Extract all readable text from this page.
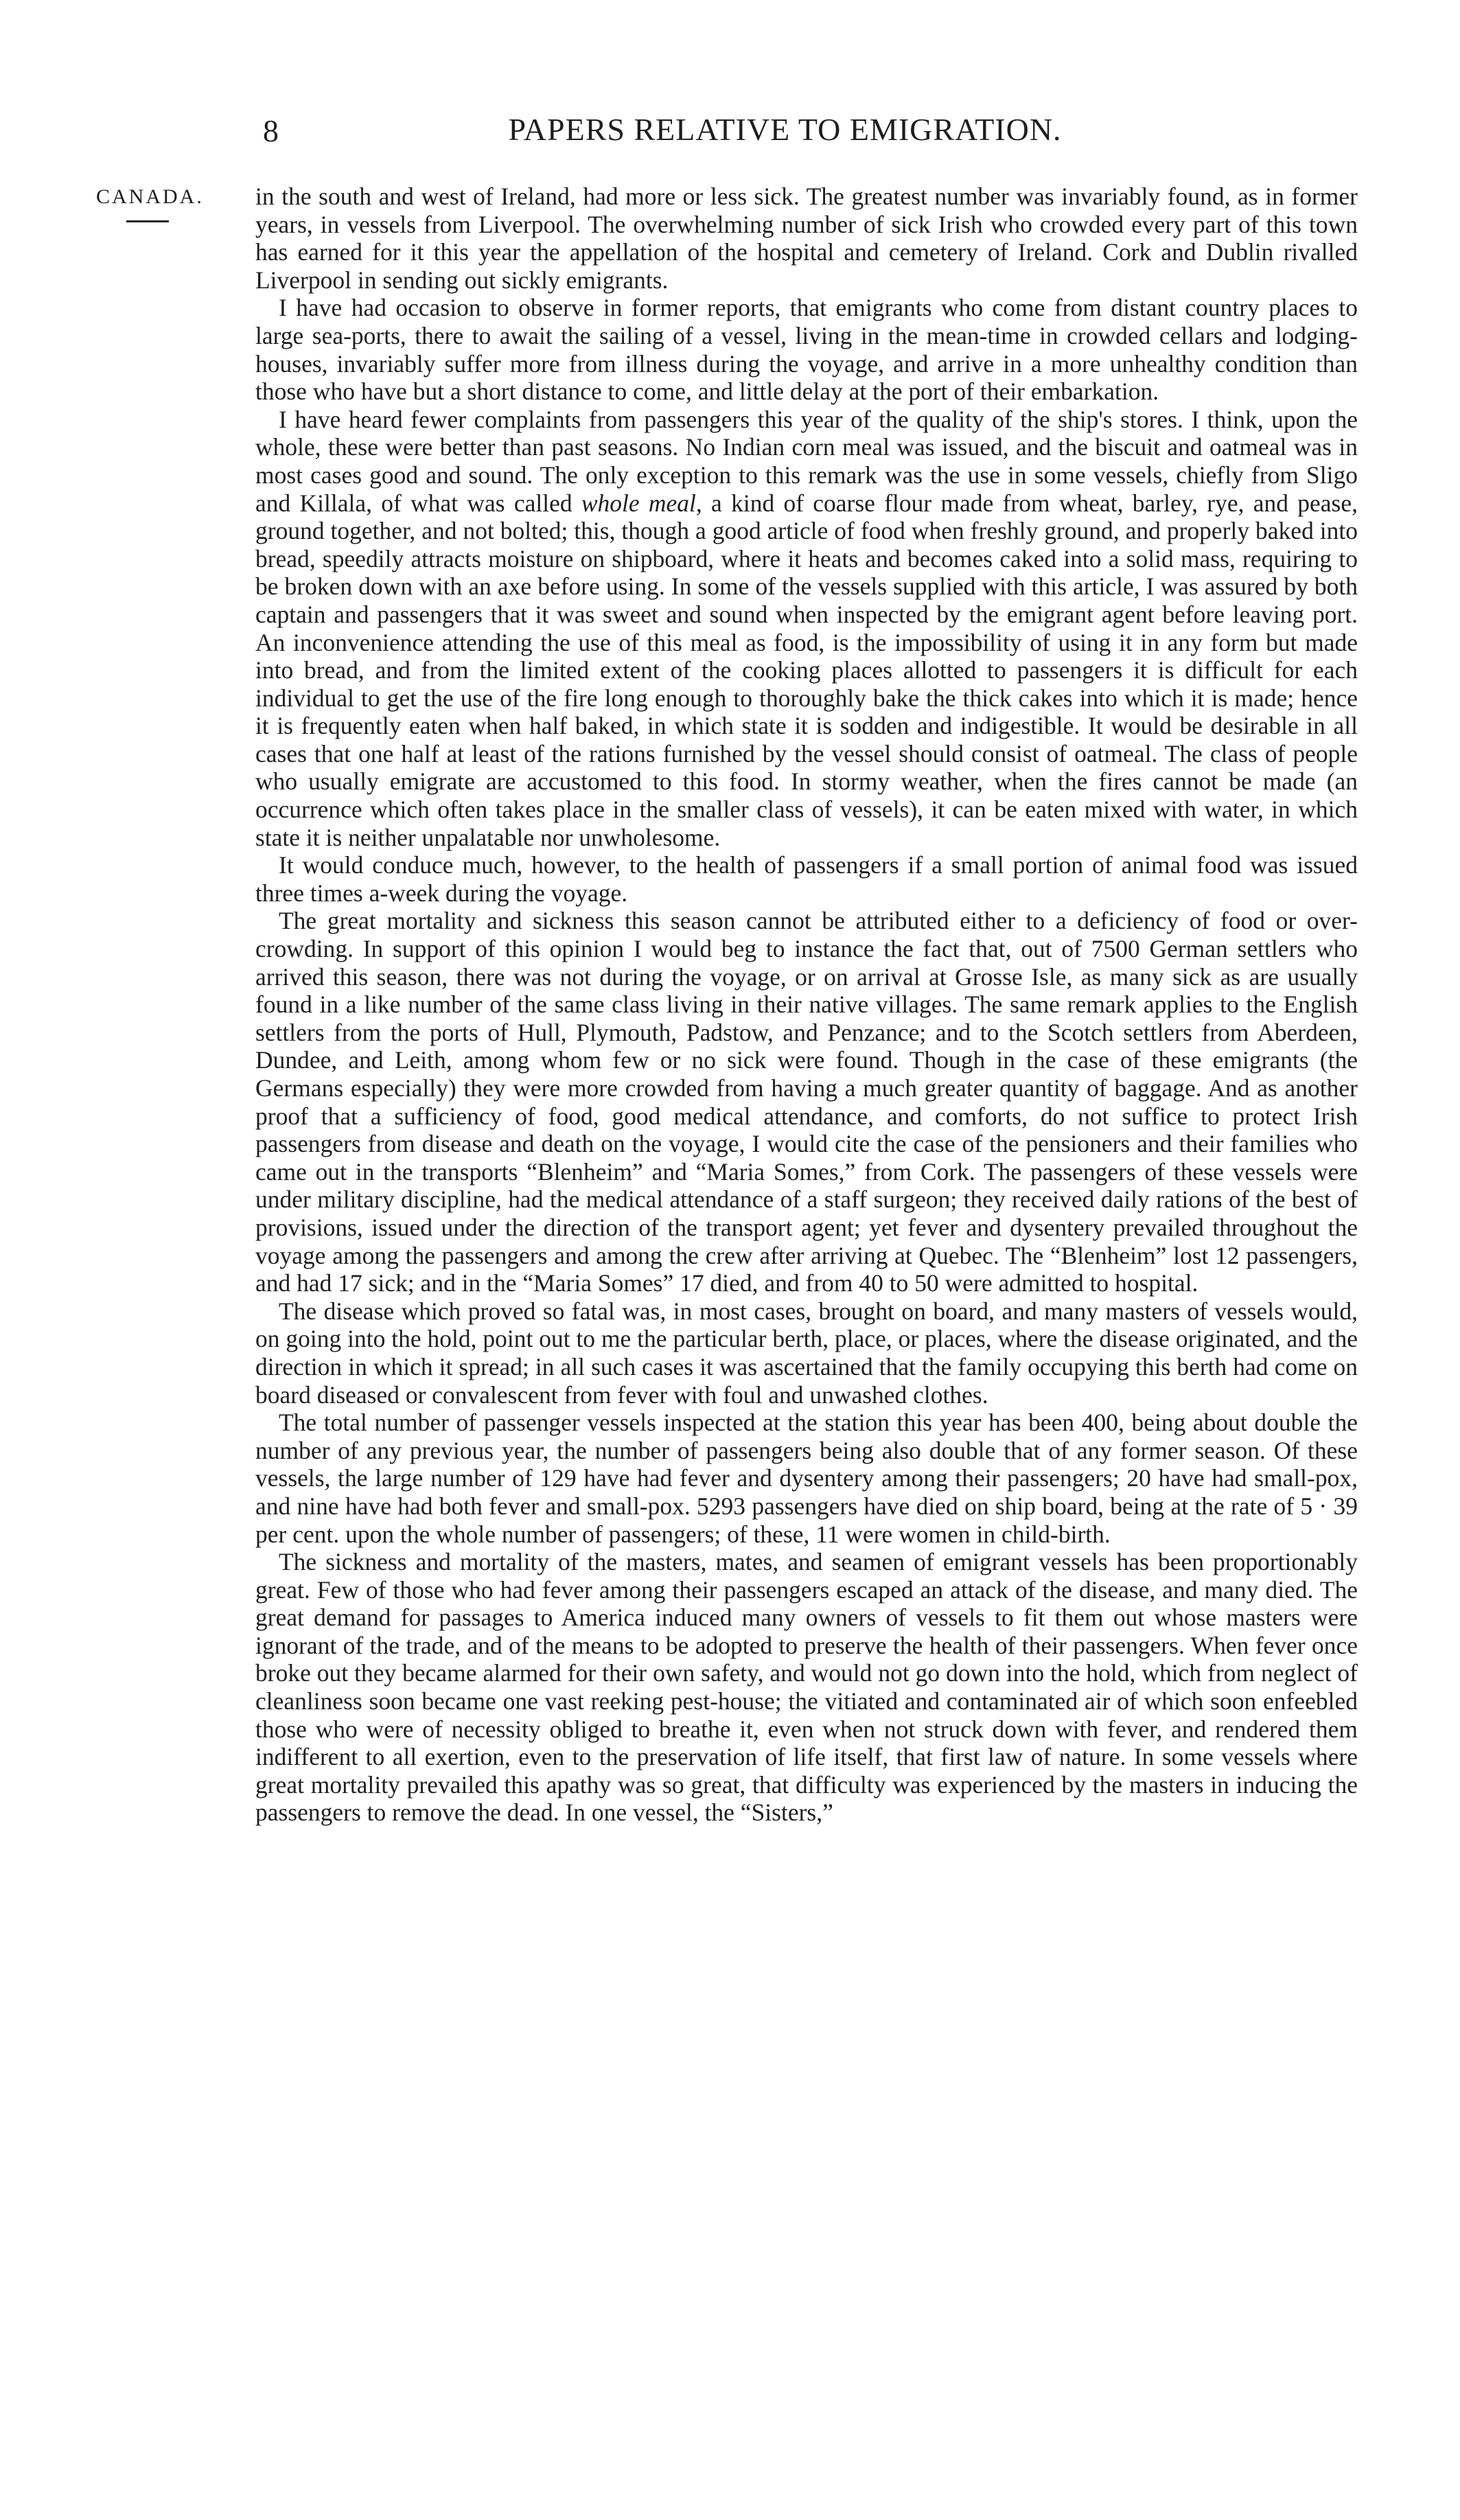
8	PAPERS RELATIVE TO EMIGRATION.
CANADA. in the south and west of Ireland, had more or less sick. The greatest number was invariably found, as in former years, in vessels from Liverpool. The overwhelming number of sick Irish who crowded every part of this town has earned for it this year the appellation of the hospital and cemetery of Ireland. Cork and Dublin rivalled Liverpool in sending out sickly emigrants.

I have had occasion to observe in former reports, that emigrants who come from distant country places to large sea-ports, there to await the sailing of a vessel, living in the mean-time in crowded cellars and lodging-houses, invariably suffer more from illness during the voyage, and arrive in a more unhealthy condition than those who have but a short distance to come, and little delay at the port of their embarkation.

I have heard fewer complaints from passengers this year of the quality of the ship's stores. I think, upon the whole, these were better than past seasons. No Indian corn meal was issued, and the biscuit and oatmeal was in most cases good and sound. The only exception to this remark was the use in some vessels, chiefly from Sligo and Killala, of what was called whole meal, a kind of coarse flour made from wheat, barley, rye, and pease, ground together, and not bolted; this, though a good article of food when freshly ground, and properly baked into bread, speedily attracts moisture on shipboard, where it heats and becomes caked into a solid mass, requiring to be broken down with an axe before using. In some of the vessels supplied with this article, I was assured by both captain and passengers that it was sweet and sound when inspected by the emigrant agent before leaving port. An inconvenience attending the use of this meal as food, is the impossibility of using it in any form but made into bread, and from the limited extent of the cooking places allotted to passengers it is difficult for each individual to get the use of the fire long enough to thoroughly bake the thick cakes into which it is made; hence it is frequently eaten when half baked, in which state it is sodden and indigestible. It would be desirable in all cases that one half at least of the rations furnished by the vessel should consist of oatmeal. The class of people who usually emigrate are accustomed to this food. In stormy weather, when the fires cannot be made (an occurrence which often takes place in the smaller class of vessels), it can be eaten mixed with water, in which state it is neither unpalatable nor unwholesome.

It would conduce much, however, to the health of passengers if a small portion of animal food was issued three times a-week during the voyage.

The great mortality and sickness this season cannot be attributed either to a deficiency of food or over-crowding. In support of this opinion I would beg to instance the fact that, out of 7500 German settlers who arrived this season, there was not during the voyage, or on arrival at Grosse Isle, as many sick as are usually found in a like number of the same class living in their native villages. The same remark applies to the English settlers from the ports of Hull, Plymouth, Padstow, and Penzance; and to the Scotch settlers from Aberdeen, Dundee, and Leith, among whom few or no sick were found. Though in the case of these emigrants (the Germans especially) they were more crowded from having a much greater quantity of baggage. And as another proof that a sufficiency of food, good medical attendance, and comforts, do not suffice to protect Irish passengers from disease and death on the voyage, I would cite the case of the pensioners and their families who came out in the transports “Blenheim” and “Maria Somes,” from Cork. The passengers of these vessels were under military discipline, had the medical attendance of a staff surgeon; they received daily rations of the best of provisions, issued under the direction of the transport agent; yet fever and dysentery prevailed throughout the voyage among the passengers and among the crew after arriving at Quebec. The “Blenheim” lost 12 passengers, and had 17 sick; and in the “Maria Somes” 17 died, and from 40 to 50 were admitted to hospital.

The disease which proved so fatal was, in most cases, brought on board, and many masters of vessels would, on going into the hold, point out to me the particular berth, place, or places, where the disease originated, and the direction in which it spread; in all such cases it was ascertained that the family occupying this berth had come on board diseased or convalescent from fever with foul and unwashed clothes.

The total number of passenger vessels inspected at the station this year has been 400, being about double the number of any previous year, the number of passengers being also double that of any former season. Of these vessels, the large number of 129 have had fever and dysentery among their passengers; 20 have had small-pox, and nine have had both fever and small-pox. 5293 passengers have died on ship board, being at the rate of 5 · 39 per cent. upon the whole number of passengers; of these, 11 were women in child-birth.

The sickness and mortality of the masters, mates, and seamen of emigrant vessels has been proportionably great. Few of those who had fever among their passengers escaped an attack of the disease, and many died. The great demand for passages to America induced many owners of vessels to fit them out whose masters were ignorant of the trade, and of the means to be adopted to preserve the health of their passengers. When fever once broke out they became alarmed for their own safety, and would not go down into the hold, which from neglect of cleanliness soon became one vast reeking pest-house; the vitiated and contaminated air of which soon enfeebled those who were of necessity obliged to breathe it, even when not struck down with fever, and rendered them indifferent to all exertion, even to the preservation of life itself, that first law of nature. In some vessels where great mortality prevailed this apathy was so great, that difficulty was experienced by the masters in inducing the passengers to remove the dead. In one vessel, the “Sisters,”
